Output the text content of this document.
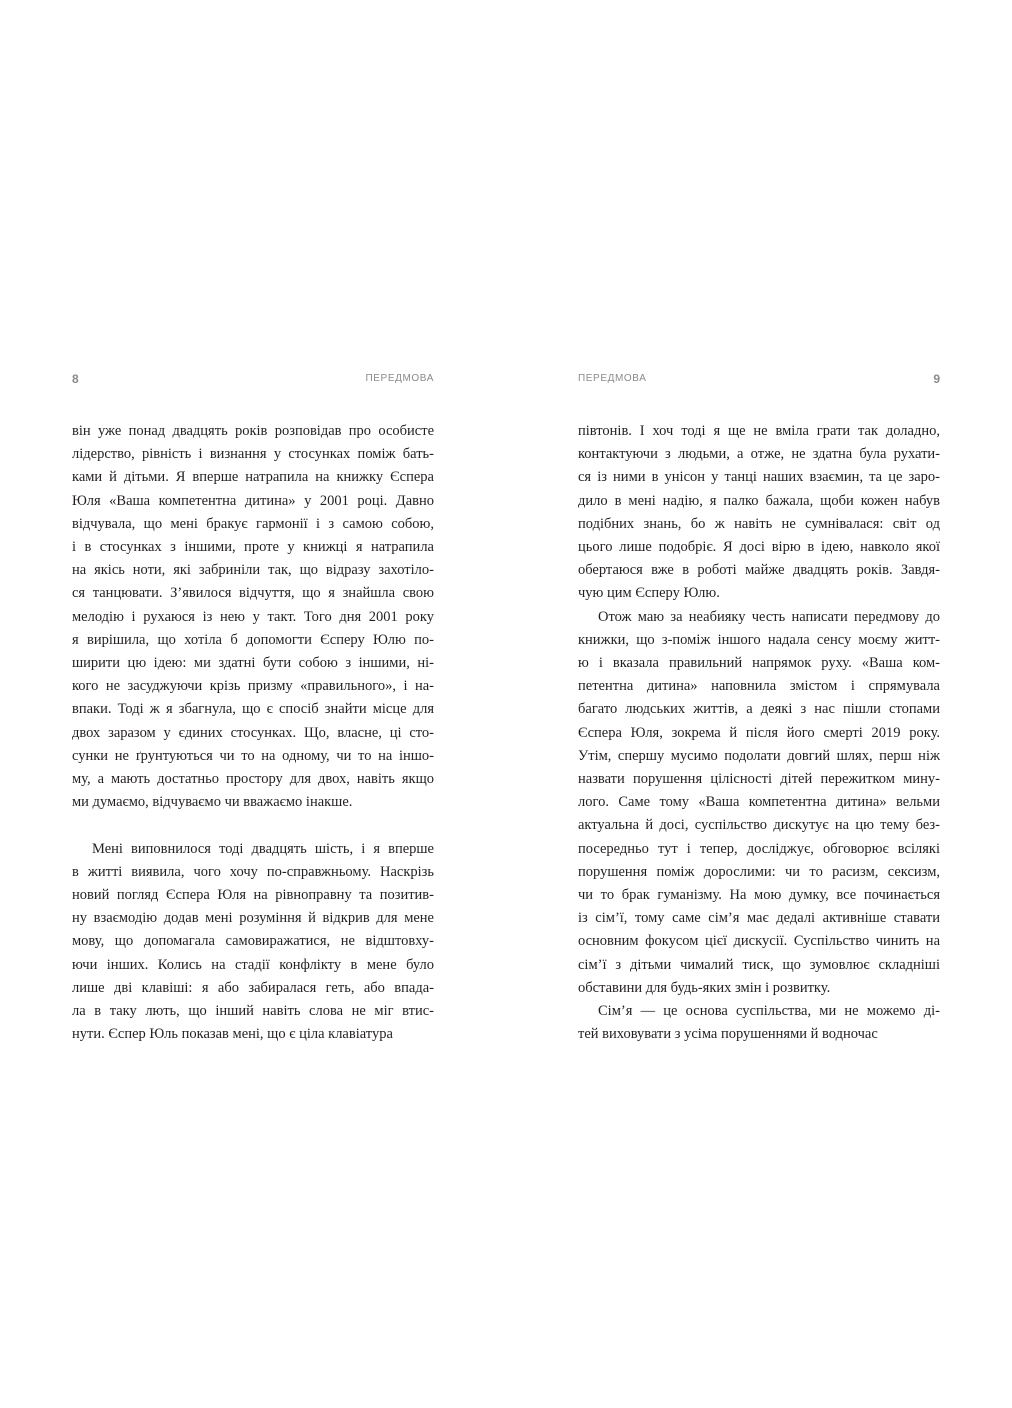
8	ПЕРЕДМОВА
він уже понад двадцять років розповідав про особисте
лідерство, рівність і визнання у стосунках поміж бать-
ками й дітьми. Я вперше натрапила на книжку Єспера
Юля «Ваша компетентна дитина» у 2001 році. Давно
відчувала, що мені бракує гармонії і з самою собою,
і в стосунках з іншими, проте у книжці я натрапила
на якісь ноти, які забриніли так, що відразу захотіло-
ся танцювати. З’явилося відчуття, що я знайшла свою
мелодію і рухаюся із нею у такт. Того дня 2001 року
я вирішила, що хотіла б допомогти Єсперу Юлю по-
ширити цю ідею: ми здатні бути собою з іншими, ні-
кого не засуджуючи крізь призму «правильного», і на-
впаки. Тоді ж я збагнула, що є спосіб знайти місце для
двох заразом у єдиних стосунках. Що, власне, ці сто-
сунки не ґрунтуються чи то на одному, чи то на іншо-
му, а мають достатньо простору для двох, навіть якщо
ми думаємо, відчуваємо чи вважаємо інакше.
Мені виповнилося тоді двадцять шість, і я вперше
в житті виявила, чого хочу по-справжньому. Наскрізь
новий погляд Єспера Юля на рівноправну та позитив-
ну взаємодію додав мені розуміння й відкрив для мене
мову, що допомагала самовиражатися, не відштовху-
ючи інших. Колись на стадії конфлікту в мене було
лише дві клавіші: я або забиралася геть, або впада-
ла в таку лють, що інший навіть слова не міг втис-
нути. Єспер Юль показав мені, що є ціла клавіатура
ПЕРЕДМОВА	9
півтонів. І хоч тоді я ще не вміла грати так доладно,
контактуючи з людьми, а отже, не здатна була рухати-
ся із ними в унісон у танці наших взаємин, та це заро-
дило в мені надію, я палко бажала, щоби кожен набув
подібних знань, бо ж навіть не сумнівалася: світ од
цього лише подобріє. Я досі вірю в ідею, навколо якої
обертаюся вже в роботі майже двадцять років. Завдя-
чую цим Єсперу Юлю.
Отож маю за неабияку честь написати передмову до
книжки, що з-поміж іншого надала сенсу моєму житт-
ю і вказала правильний напрямок руху. «Ваша ком-
петентна дитина» наповнила змістом і спрямувала
багато людських життів, а деякі з нас пішли стопами
Єспера Юля, зокрема й після його смерті 2019 року.
Утім, спершу мусимо подолати довгий шлях, перш ніж
назвати порушення цілісності дітей пережитком мину-
лого. Саме тому «Ваша компетентна дитина» вельми
актуальна й досі, суспільство дискутує на цю тему без-
посередньо тут і тепер, досліджує, обговорює всілякі
порушення поміж дорослими: чи то расизм, сексизм,
чи то брак гуманізму. На мою думку, все починається
із сім’ї, тому саме сім’я має дедалі активніше ставати
основним фокусом цієї дискусії. Суспільство чинить на
сім’ї з дітьми чималий тиск, що зумовлює складніші
обставини для будь-яких змін і розвитку.
Сім’я — це основа суспільства, ми не можемо ді-
тей виховувати з усіма порушеннями й водночас
